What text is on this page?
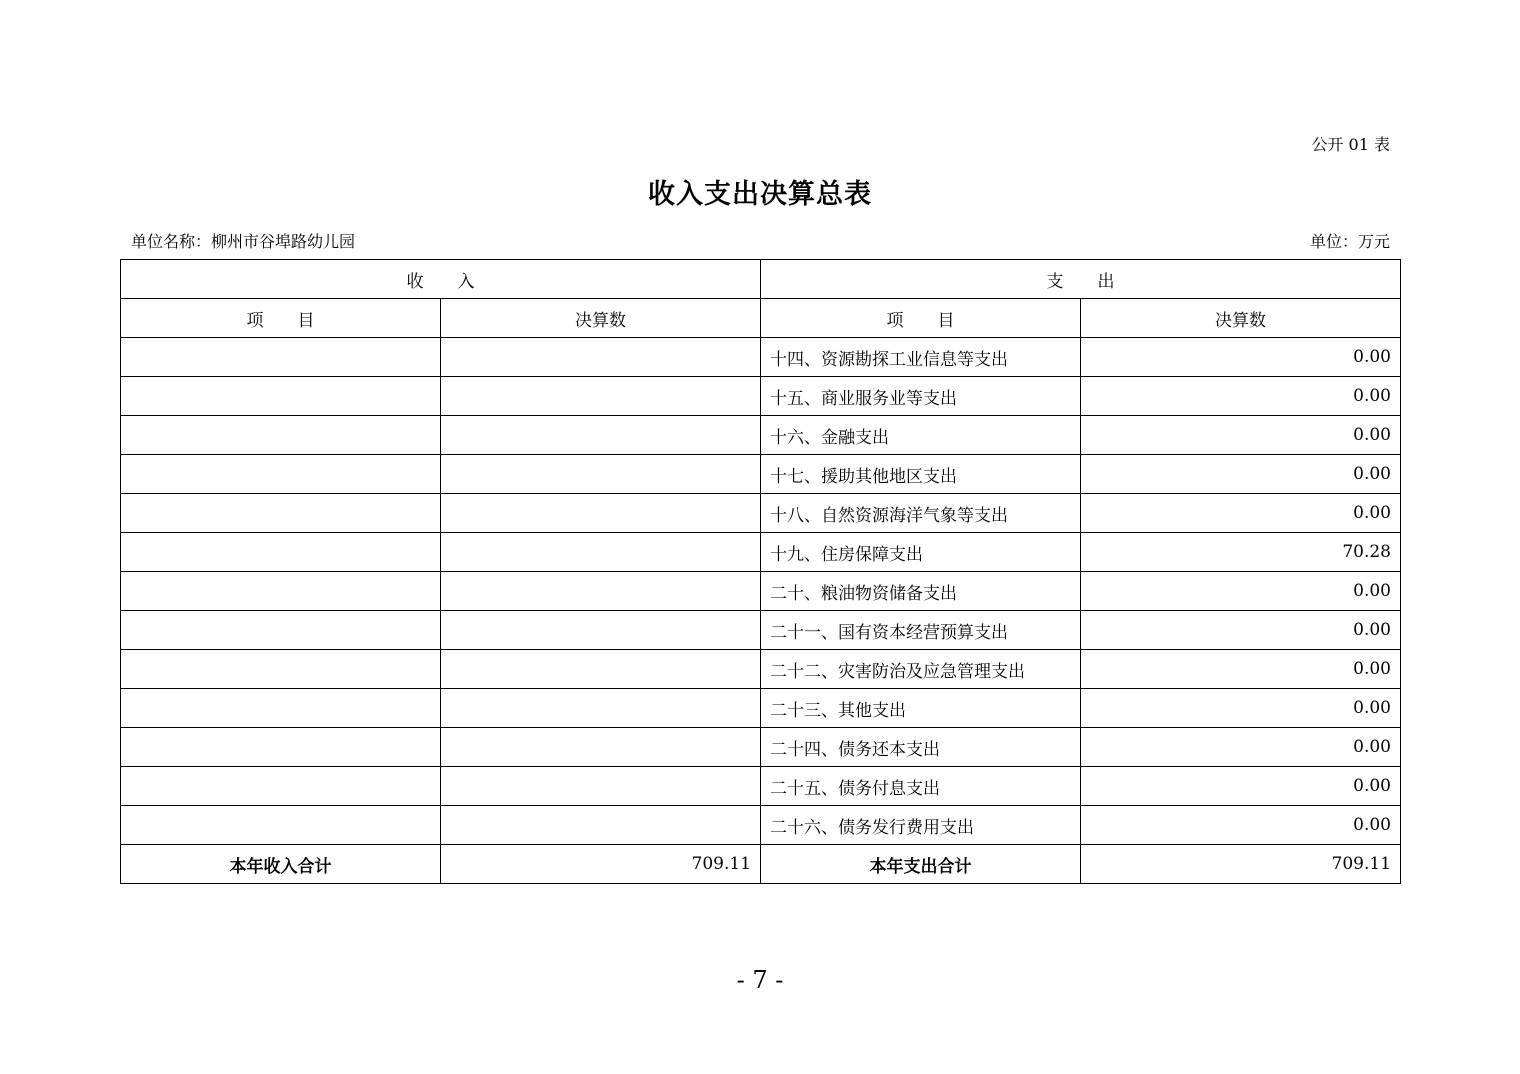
公开 01 表
收入支出决算总表
单位名称：柳州市谷埠路幼儿园	单位：万元
收　　入		支　　出	
项　　目	决算数	项　　目	决算数
		十四、资源勘探工业信息等支出	0.00
		十五、商业服务业等支出	0.00
		十六、金融支出	0.00
		十七、援助其他地区支出	0.00
		十八、自然资源海洋气象等支出	0.00
		十九、住房保障支出	70.28
		二十、粮油物资储备支出	0.00
		二十一、国有资本经营预算支出	0.00
		二十二、灾害防治及应急管理支出	0.00
		二十三、其他支出	0.00
		二十四、债务还本支出	0.00
		二十五、债务付息支出	0.00
		二十六、债务发行费用支出	0.00
本年收入合计	709.11	本年支出合计	709.11
- 7 -
